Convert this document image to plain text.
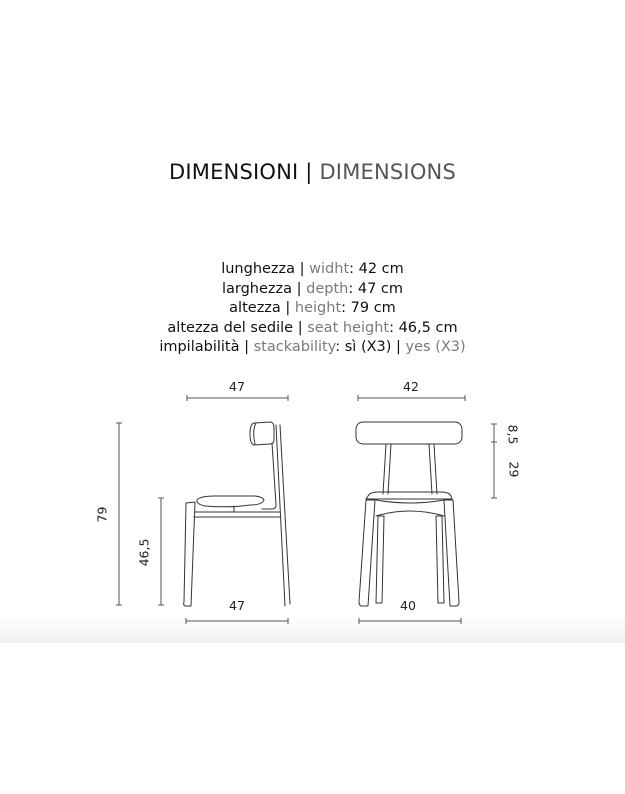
DIMENSIONI | DIMENSIONS
lunghezza | widht: 42 cm
larghezza | depth: 47 cm
altezza | height: 79 cm
altezza del sedile | seat height: 46,5 cm
impilabilità | stackability: sì (X3) | yes (X3)
47
47
79
46,5
42
40
8,5
29
